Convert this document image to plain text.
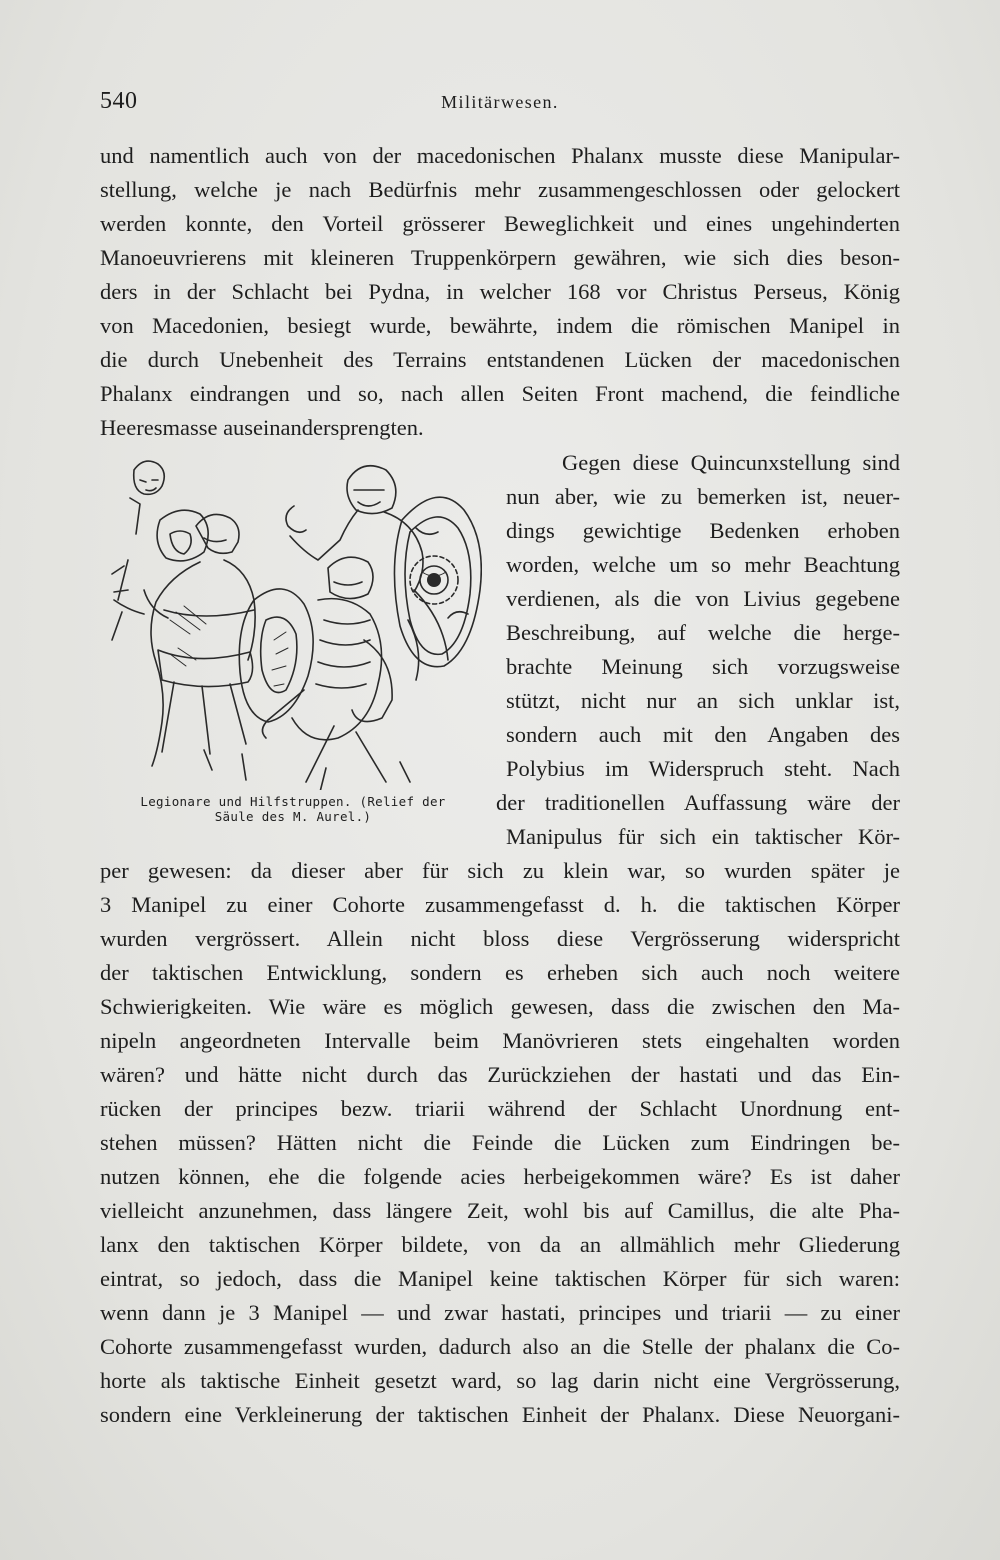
540	Militärwesen.
und namentlich auch von der macedonischen Phalanx musste diese Manipular-
stellung, welche je nach Bedürfnis mehr zusammengeschlossen oder gelockert
werden konnte, den Vorteil grösserer Beweglichkeit und eines ungehinderten
Manoeuvrierens mit kleineren Truppenkörpern gewähren, wie sich dies beson-
ders in der Schlacht bei Pydna, in welcher 168 vor Christus Perseus, König
von Macedonien, besiegt wurde, bewährte, indem die römischen Manipel in
die durch Unebenheit des Terrains entstandenen Lücken der macedonischen
Phalanx eindrangen und so, nach allen Seiten Front machend, die feindliche
Heeresmasse auseinandersprengten.
Legionare und Hilfstruppen. (Relief der
Säule des M. Aurel.)
Gegen diese Quincunxstellung sind
nun aber, wie zu bemerken ist, neuer-
dings gewichtige Bedenken erhoben
worden, welche um so mehr Beachtung
verdienen, als die von Livius gegebene
Beschreibung, auf welche die herge-
brachte Meinung sich vorzugsweise
stützt, nicht nur an sich unklar ist,
sondern auch mit den Angaben des
Polybius im Widerspruch steht. Nach
der traditionellen Auffassung wäre der
Manipulus für sich ein taktischer Kör-
per gewesen: da dieser aber für sich zu klein war, so wurden später je
3 Manipel zu einer Cohorte zusammengefasst d. h. die taktischen Körper
wurden vergrössert. Allein nicht bloss diese Vergrösserung widerspricht
der taktischen Entwicklung, sondern es erheben sich auch noch weitere
Schwierigkeiten. Wie wäre es möglich gewesen, dass die zwischen den Ma-
nipeln angeordneten Intervalle beim Manövrieren stets eingehalten worden
wären? und hätte nicht durch das Zurückziehen der hastati und das Ein-
rücken der principes bezw. triarii während der Schlacht Unordnung ent-
stehen müssen? Hätten nicht die Feinde die Lücken zum Eindringen be-
nutzen können, ehe die folgende acies herbeigekommen wäre? Es ist daher
vielleicht anzunehmen, dass längere Zeit, wohl bis auf Camillus, die alte Pha-
lanx den taktischen Körper bildete, von da an allmählich mehr Gliederung
eintrat, so jedoch, dass die Manipel keine taktischen Körper für sich waren:
wenn dann je 3 Manipel — und zwar hastati, principes und triarii — zu einer
Cohorte zusammengefasst wurden, dadurch also an die Stelle der phalanx die Co-
horte als taktische Einheit gesetzt ward, so lag darin nicht eine Vergrösserung,
sondern eine Verkleinerung der taktischen Einheit der Phalanx. Diese Neuorgani-
